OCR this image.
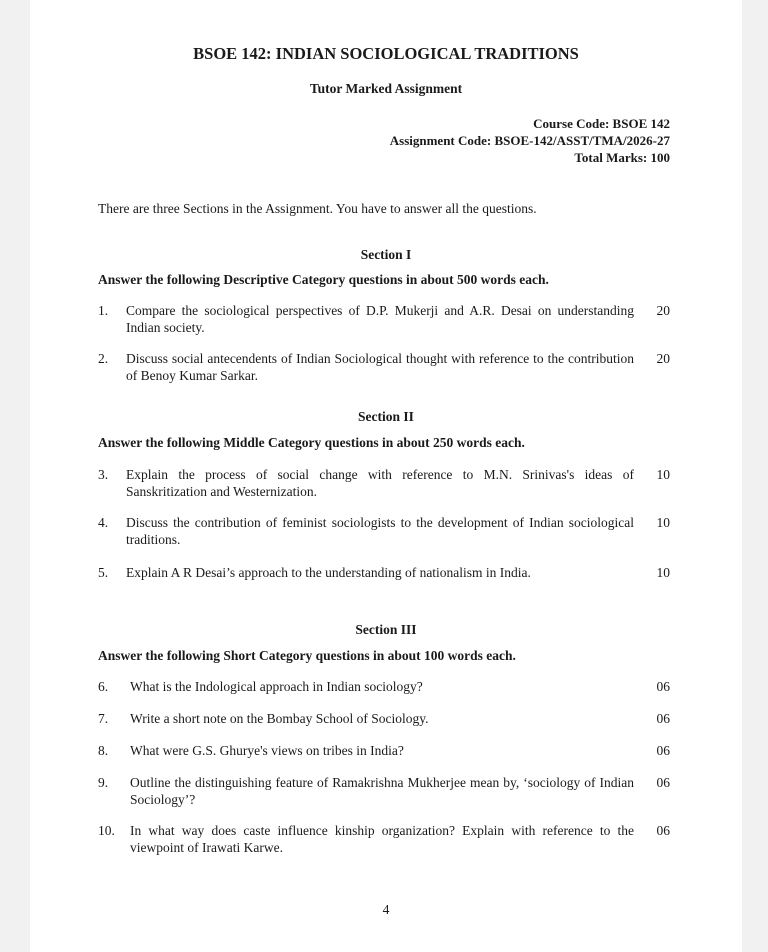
BSOE 142: INDIAN SOCIOLOGICAL TRADITIONS
Tutor Marked Assignment
Course Code: BSOE 142
Assignment Code: BSOE-142/ASST/TMA/2026-27
Total Marks: 100
There are three Sections in the Assignment. You have to answer all the questions.
Section I
Answer the following Descriptive Category questions in about 500 words each.
1. Compare the sociological perspectives of D.P. Mukerji and A.R. Desai on understanding Indian society.
20
2. Discuss social antecendents of Indian Sociological thought with reference to the contribution of Benoy Kumar Sarkar.
20
Section II
Answer the following Middle Category questions in about 250 words each.
3. Explain the process of social change with reference to M.N. Srinivas's ideas of Sanskritization and Westernization.
10
4. Discuss the contribution of feminist sociologists to the development of Indian sociological traditions.
10
5. Explain A R Desai’s approach to the understanding of nationalism in India.	10
Section III
Answer the following Short Category questions in about 100 words each.
6. What is the Indological approach in Indian sociology?	06
7. Write a short note on the Bombay School of Sociology.	06
8. What were G.S. Ghurye's views on tribes in India?	06
9. Outline the distinguishing feature of Ramakrishna Mukherjee mean by, ‘sociology of Indian Sociology’?
06
10. In what way does caste influence kinship organization? Explain with reference to the viewpoint of Irawati Karwe.
06
4
